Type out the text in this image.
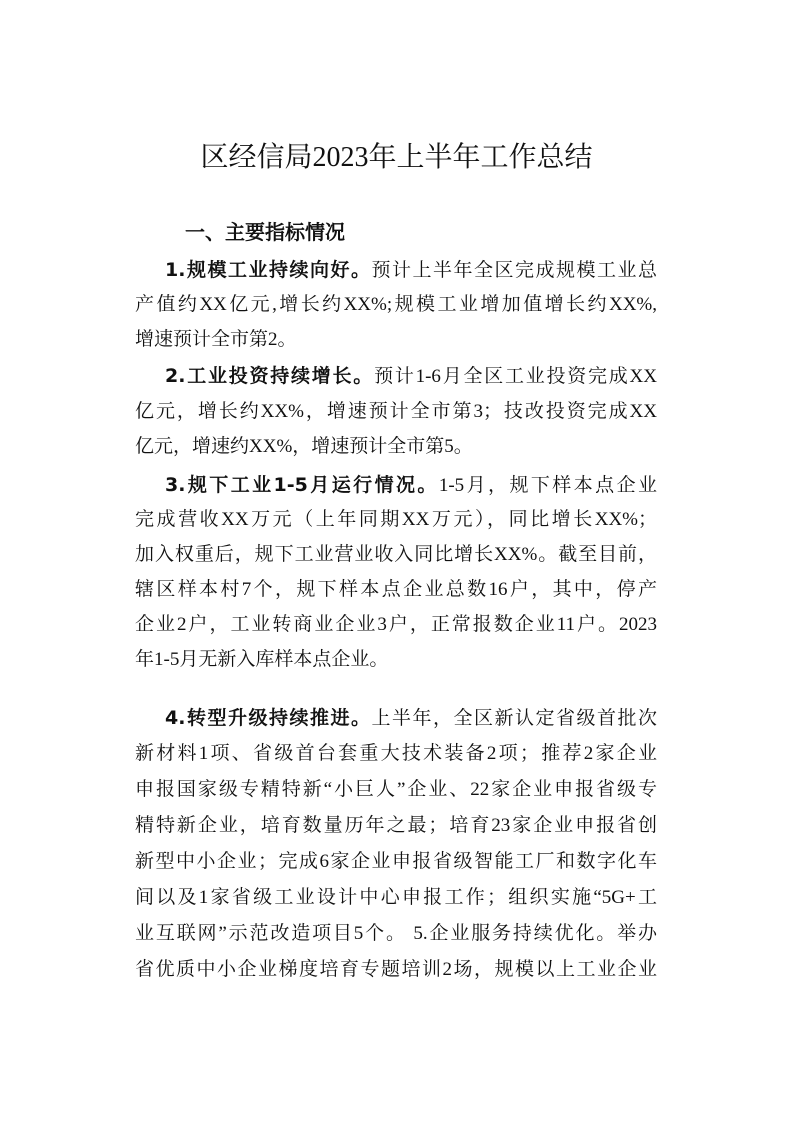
区经信局2023年上半年工作总结
一、主要指标情况
1.规模工业持续向好。预计上半年全区完成规模工业总
产值约XX亿元,增长约XX%;规模工业增加值增长约XX%,
增速预计全市第2。
2.工业投资持续增长。预计1-6月全区工业投资完成XX
亿元，增长约XX%，增速预计全市第3；技改投资完成XX
亿元，增速约XX%，增速预计全市第5。
3.规下工业1-5月运行情况。1-5月，规下样本点企业
完成营收XX万元（上年同期XX万元），同比增长XX%；
加入权重后，规下工业营业收入同比增长XX%。截至目前，
辖区样本村7个，规下样本点企业总数16户，其中，停产
企业2户，工业转商业企业3户，正常报数企业11户。2023
年1-5月无新入库样本点企业。
4.转型升级持续推进。上半年，全区新认定省级首批次
新材料1项、省级首台套重大技术装备2项；推荐2家企业
申报国家级专精特新“小巨人”企业、22家企业申报省级专
精特新企业，培育数量历年之最；培育23家企业申报省创
新型中小企业；完成6家企业申报省级智能工厂和数字化车
间以及1家省级工业设计中心申报工作；组织实施“5G+工
业互联网”示范改造项目5个。 5.企业服务持续优化。举办
省优质中小企业梯度培育专题培训2场，规模以上工业企业
